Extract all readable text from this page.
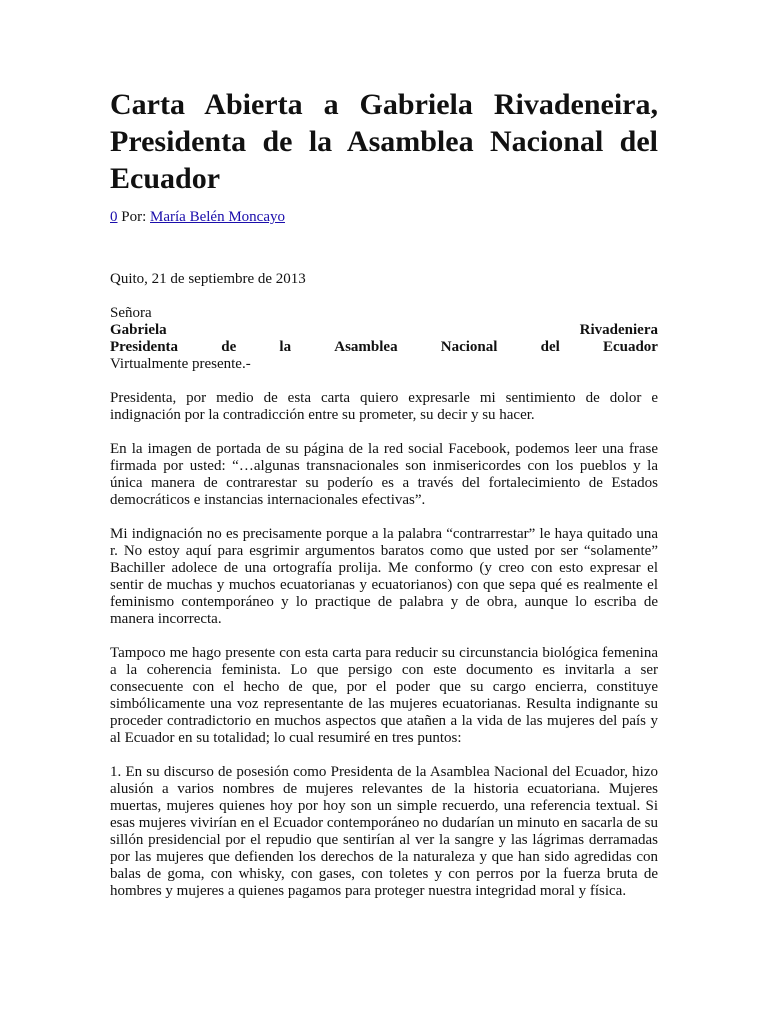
Carta Abierta a Gabriela Rivadeneira, Presidenta de la Asamblea Nacional del Ecuador
0 Por: María Belén Moncayo
Quito, 21 de septiembre de 2013
Señora
Gabriela	Rivadeniera
Presidenta	de	la	Asamblea	Nacional	del	Ecuador
Virtualmente presente.-

Presidenta, por medio de esta carta quiero expresarle mi sentimiento de dolor e indignación por la contradicción entre su prometer, su decir y su hacer.

En la imagen de portada de su página de la red social Facebook, podemos leer una frase firmada por usted: “…algunas transnacionales son inmisericordes con los pueblos y la única manera de contrarestar su poderío es a través del fortalecimiento de Estados democráticos e instancias internacionales efectivas”.

Mi indignación no es precisamente porque a la palabra “contrarrestar” le haya quitado una r. No estoy aquí para esgrimir argumentos baratos como que usted por ser “solamente” Bachiller adolece de una ortografía prolija. Me conformo (y creo con esto expresar el sentir de muchas y muchos ecuatorianas y ecuatorianos) con que sepa qué es realmente el feminismo contemporáneo y lo practique de palabra y de obra, aunque lo escriba de manera incorrecta.

Tampoco me hago presente con esta carta para reducir su circunstancia biológica femenina a la coherencia feminista. Lo que persigo con este documento es invitarla a ser consecuente con el hecho de que, por el poder que su cargo encierra, constituye simbólicamente una voz representante de las mujeres ecuatorianas. Resulta indignante su proceder contradictorio en muchos aspectos que atañen a la vida de las mujeres del país y al Ecuador en su totalidad; lo cual resumiré en tres puntos:

1. En su discurso de posesión como Presidenta de la Asamblea Nacional del Ecuador, hizo alusión a varios nombres de mujeres relevantes de la historia ecuatoriana. Mujeres muertas, mujeres quienes hoy por hoy son un simple recuerdo, una referencia textual. Si esas mujeres vivirían en el Ecuador contemporáneo no dudarían un minuto en sacarla de su sillón presidencial por el repudio que sentirían al ver la sangre y las lágrimas derramadas por las mujeres que defienden los derechos de la naturaleza y que han sido agredidas con balas de goma, con whisky, con gases, con toletes y con perros por la fuerza bruta de hombres y mujeres a quienes pagamos para proteger nuestra integridad moral y física.
